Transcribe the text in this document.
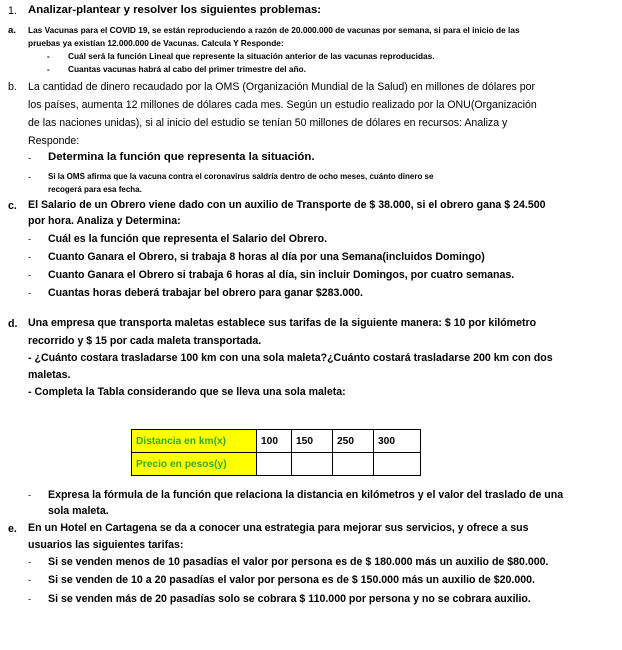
1. Analizar-plantear y resolver los siguientes problemas:
a. Las Vacunas para el COVID 19, se están reproduciendo a razón de 20.000.000 de vacunas por semana, si para el inicio de las
pruebas ya existían 12.000.000 de Vacunas. Calcula Y Responde:
- Cuál será la función Lineal que represente la situación anterior de las vacunas reproducidas.
- Cuantas vacunas habrá al cabo del primer trimestre del año.
b. La cantidad de dinero recaudado por la OMS (Organización Mundial de la Salud) en millones de dólares por
los países, aumenta 12 millones de dólares cada mes. Según un estudio realizado por la ONU(Organización
de las naciones unidas), si al inicio del estudio se tenían 50 millones de dólares en recursos: Analiza y
Responde:
- Determina la función que representa la situación.
- Si la OMS afirma que la vacuna contra el coronavirus saldría dentro de ocho meses, cuánto dinero se
recogerá para esa fecha.
c. El Salario de un Obrero viene dado con un auxilio de Transporte de $ 38.000, si el obrero gana $ 24.500
por hora. Analiza y Determina:
- Cuál es la función que representa el Salario del Obrero.
- Cuanto Ganara el Obrero, si trabaja 8 horas al día por una Semana(incluidos Domingo)
- Cuanto Ganara el Obrero si trabaja 6 horas al día, sin incluir Domingos, por cuatro semanas.
- Cuantas horas deberá trabajar bel obrero para ganar $283.000.
d. Una empresa que transporta maletas establece sus tarifas de la siguiente manera: $ 10 por kilómetro
recorrido y $ 15 por cada maleta transportada.
- ¿Cuánto costara trasladarse 100 km con una sola maleta?¿Cuánto costará trasladarse 200 km con dos
maletas.
- Completa la Tabla considerando que se lleva una sola maleta:
Distancia en km(x)	100	150	250	300
Precio en pesos(y)				
- Expresa la fórmula de la función que relaciona la distancia en kilómetros y el valor del traslado de una
sola maleta.
e. En un Hotel en Cartagena se da a conocer una estrategia para mejorar sus servicios, y ofrece a sus
usuarios las siguientes tarifas:
- Si se venden menos de 10 pasadías el valor por persona es de $ 180.000 más un auxilio de $80.000.
- Si se venden de 10 a 20 pasadías el valor por persona es de $ 150.000 más un auxilio de $20.000.
- Si se venden más de 20 pasadías solo se cobrara $ 110.000 por persona y no se cobrara auxilio.
